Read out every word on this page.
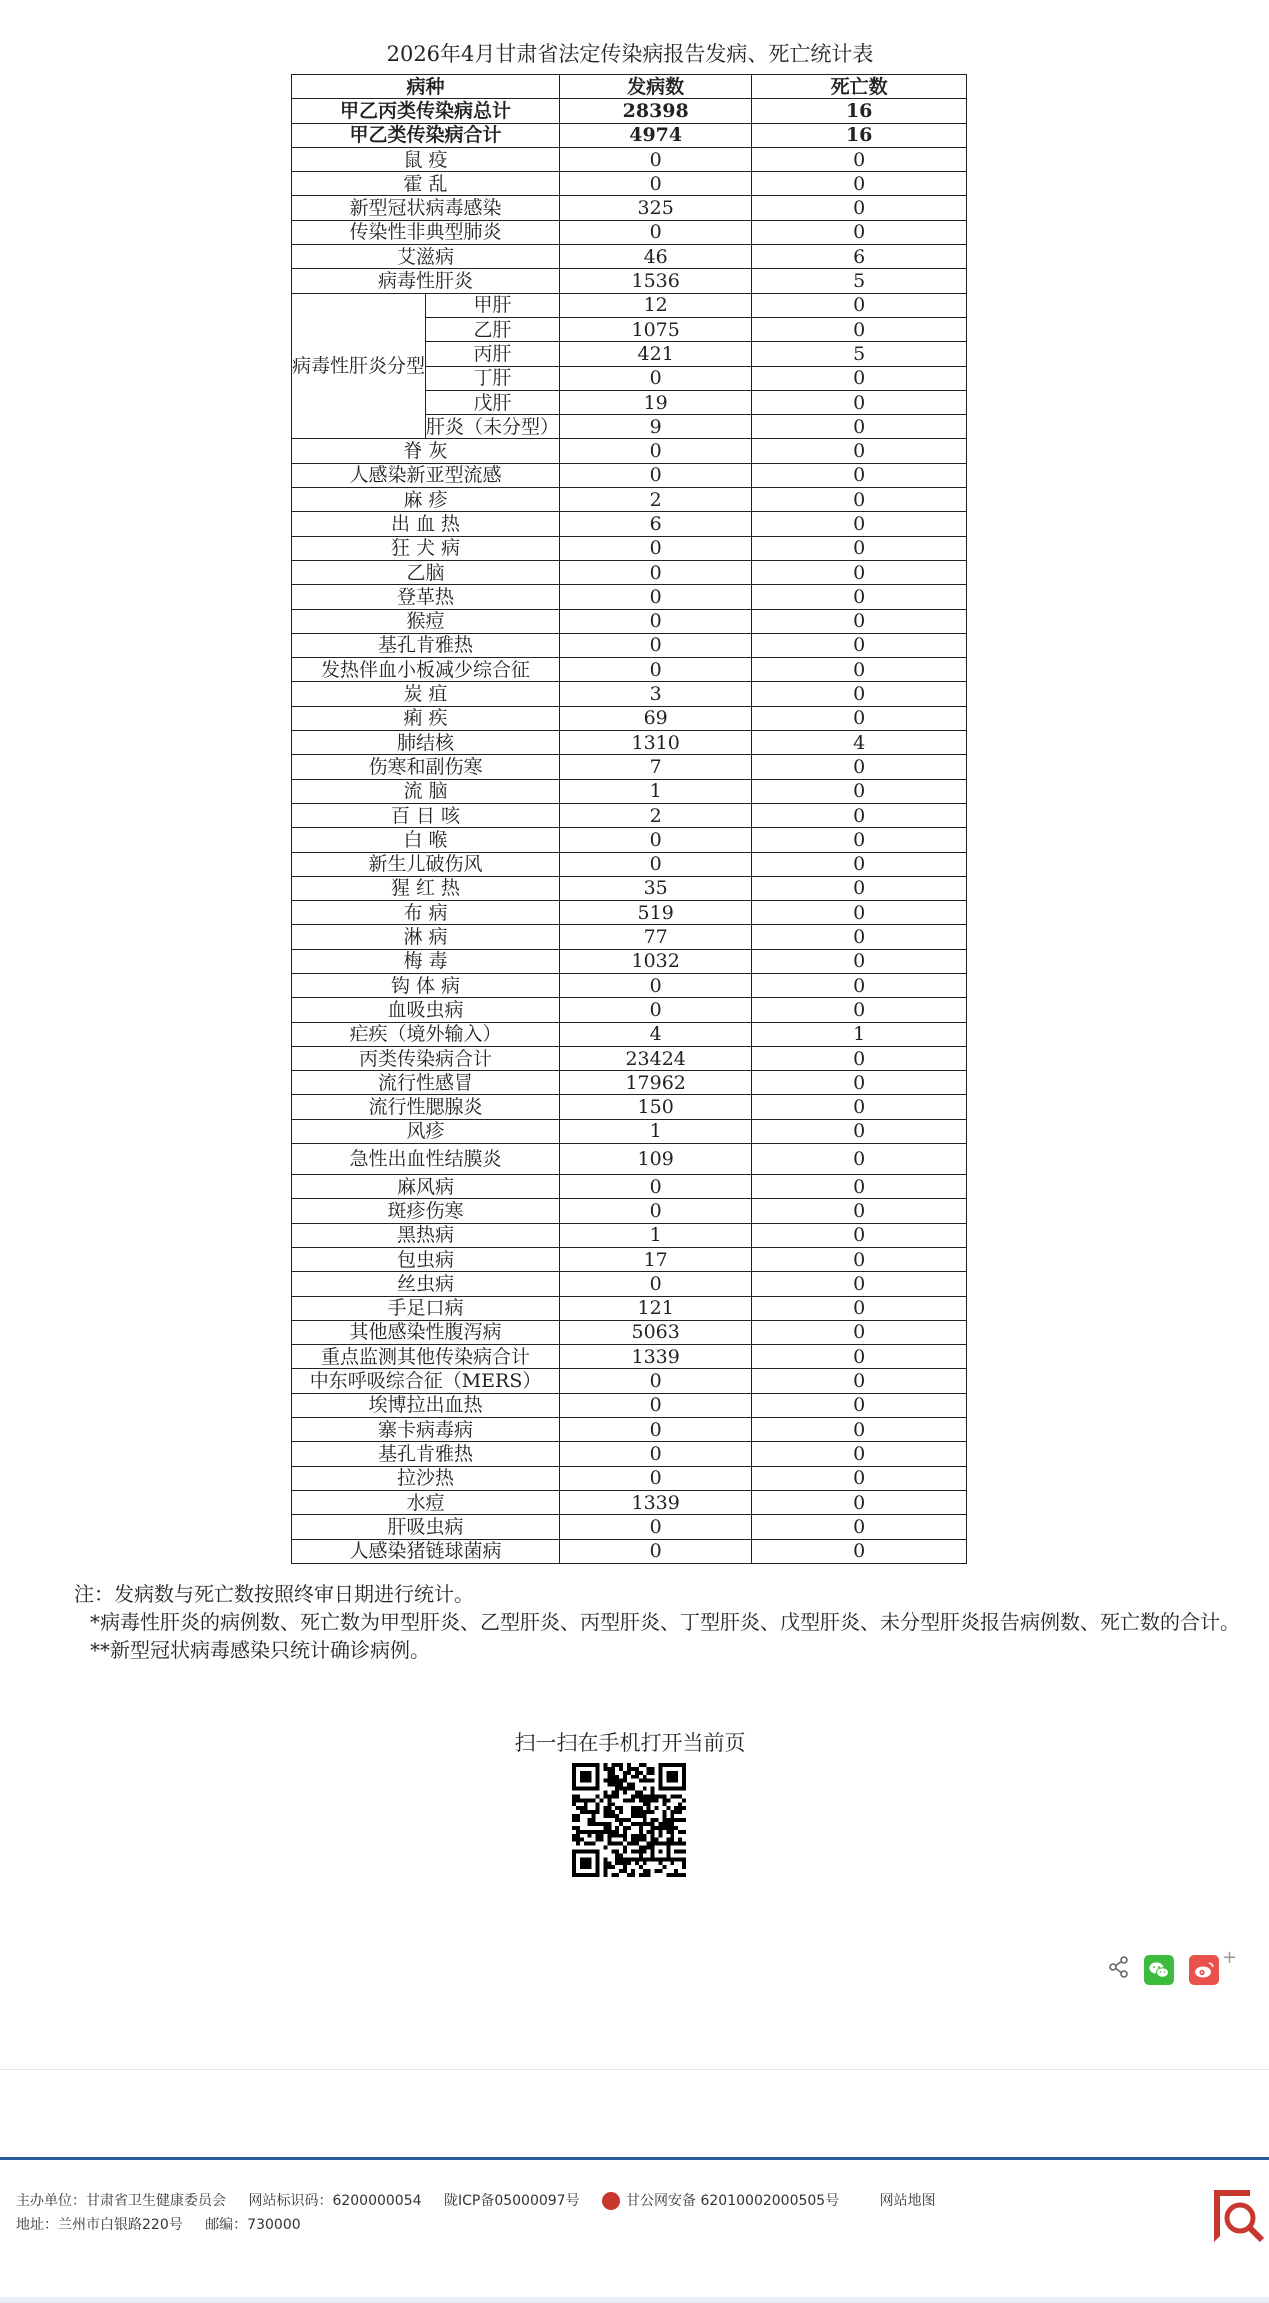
2026年4月甘肃省法定传染病报告发病、死亡统计表
病种		发病数	死亡数
甲乙丙类传染病总计		28398	16
甲乙类传染病合计		4974	16
鼠 疫		0	0
霍 乱		0	0
新型冠状病毒感染		325	0
传染性非典型肺炎		0	0
艾滋病		46	6
病毒性肝炎		1536	5
病毒性肝炎分型	甲肝	12	0
	乙肝	1075	0
	丙肝	421	5
	丁肝	0	0
	戊肝	19	0
	肝炎（未分型）	9	0
脊 灰		0	0
人感染新亚型流感		0	0
麻 疹		2	0
出 血 热		6	0
狂 犬 病		0	0
乙脑		0	0
登革热		0	0
猴痘		0	0
基孔肯雅热		0	0
发热伴血小板减少综合征		0	0
炭 疽		3	0
痢 疾		69	0
肺结核		1310	4
伤寒和副伤寒		7	0
流 脑		1	0
百 日 咳		2	0
白 喉		0	0
新生儿破伤风		0	0
猩 红 热		35	0
布 病		519	0
淋 病		77	0
梅 毒		1032	0
钩 体 病		0	0
血吸虫病		0	0
疟疾（境外输入）		4	1
丙类传染病合计		23424	0
流行性感冒		17962	0
流行性腮腺炎		150	0
风疹		1	0
急性出血性结膜炎		109	0
麻风病		0	0
斑疹伤寒		0	0
黑热病		1	0
包虫病		17	0
丝虫病		0	0
手足口病		121	0
其他感染性腹泻病		5063	0
重点监测其他传染病合计		1339	0
中东呼吸综合征（MERS）		0	0
埃博拉出血热		0	0
寨卡病毒病		0	0
基孔肯雅热		0	0
拉沙热		0	0
水痘		1339	0
肝吸虫病		0	0
人感染猪链球菌病		0	0

注：发病数与死亡数按照终审日期进行统计。

*病毒性肝炎的病例数、死亡数为甲型肝炎、乙型肝炎、丙型肝炎、丁型肝炎、戊型肝炎、未分型肝炎报告病例数、死亡数的合计。

**新型冠状病毒感染只统计确诊病例。

扫一扫在手机打开当前页
+
主办单位：甘肃省卫生健康委员会 网站标识码：6200000054 陇ICP备05000097号	甘公网安备 62010002000505号	网站地图
地址：兰州市白银路220号 邮编：730000
